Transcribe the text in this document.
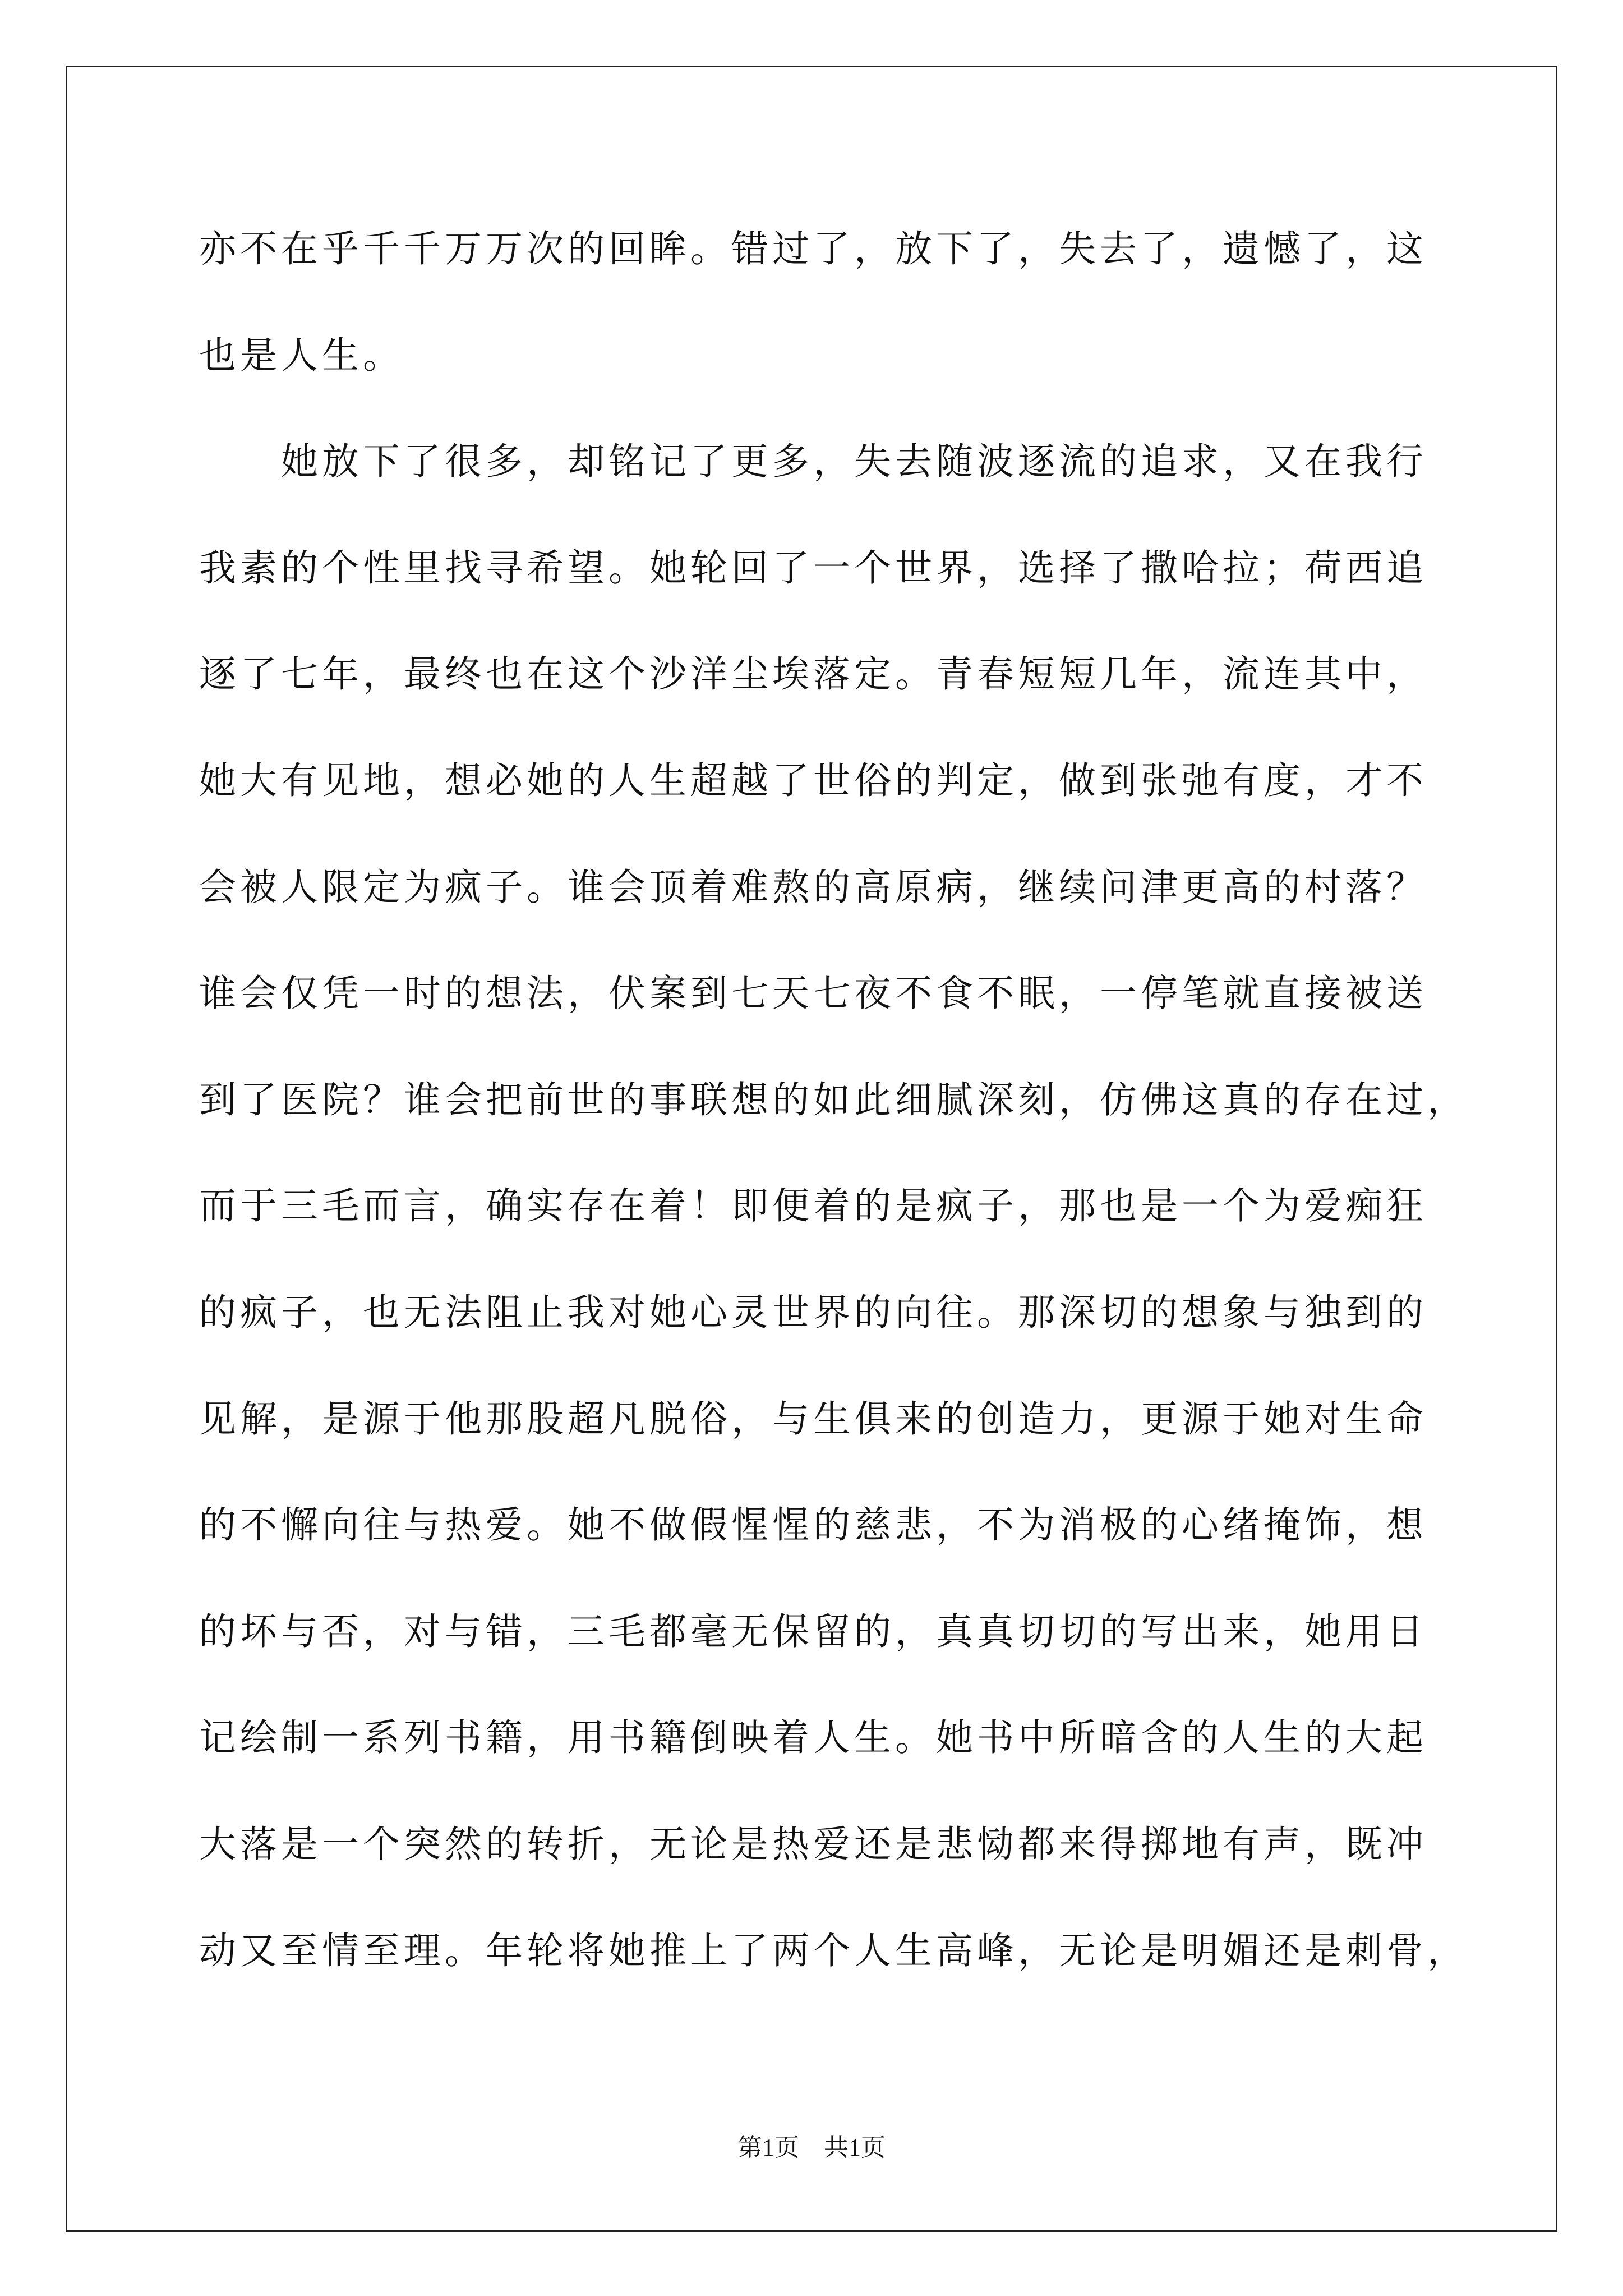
亦不在乎千千万万次的回眸。错过了，放下了，失去了，遗憾了，这
也是人生。
她放下了很多，却铭记了更多，失去随波逐流的追求，又在我行
我素的个性里找寻希望。她轮回了一个世界，选择了撒哈拉；荷西追
逐了七年，最终也在这个沙洋尘埃落定。青春短短几年，流连其中，
她大有见地，想必她的人生超越了世俗的判定，做到张弛有度，才不
会被人限定为疯子。谁会顶着难熬的高原病，继续问津更高的村落？
谁会仅凭一时的想法，伏案到七天七夜不食不眠，一停笔就直接被送
到了医院？谁会把前世的事联想的如此细腻深刻，仿佛这真的存在过，
而于三毛而言，确实存在着！即便着的是疯子，那也是一个为爱痴狂
的疯子，也无法阻止我对她心灵世界的向往。那深切的想象与独到的
见解，是源于他那股超凡脱俗，与生俱来的创造力，更源于她对生命
的不懈向往与热爱。她不做假惺惺的慈悲，不为消极的心绪掩饰，想
的坏与否，对与错，三毛都毫无保留的，真真切切的写出来，她用日
记绘制一系列书籍，用书籍倒映着人生。她书中所暗含的人生的大起
大落是一个突然的转折，无论是热爱还是悲恸都来得掷地有声，既冲
动又至情至理。年轮将她推上了两个人生高峰，无论是明媚还是刺骨，
第1页　共1页
